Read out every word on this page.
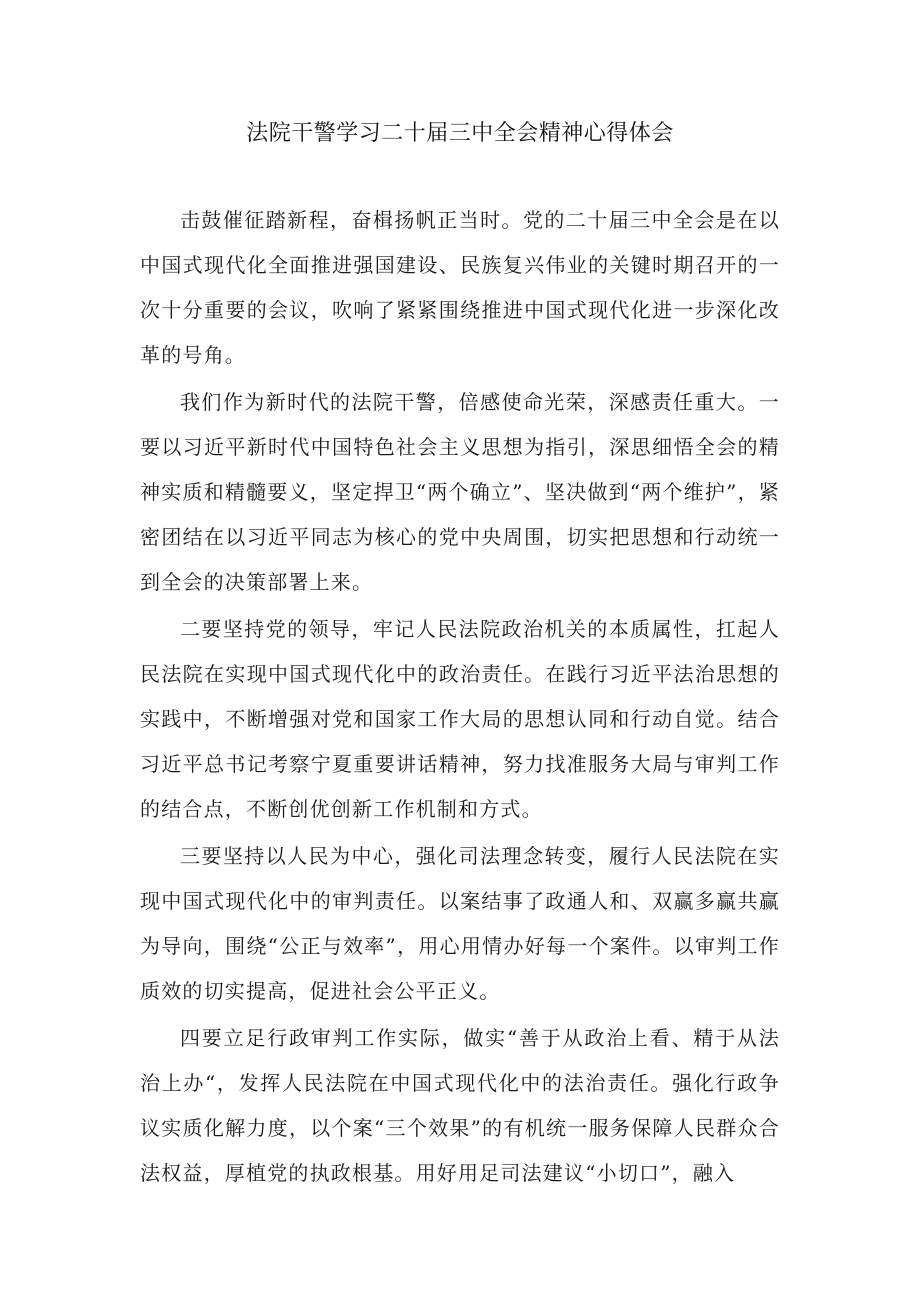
法院干警学习二十届三中全会精神心得体会

击鼓催征踏新程，奋楫扬帆正当时。党的二十届三中全会是在以中国式现代化全面推进强国建设、民族复兴伟业的关键时期召开的一次十分重要的会议，吹响了紧紧围绕推进中国式现代化进一步深化改革的号角。

我们作为新时代的法院干警，倍感使命光荣，深感责任重大。一要以习近平新时代中国特色社会主义思想为指引，深思细悟全会的精神实质和精髓要义，坚定捍卫“两个确立”、坚决做到“两个维护”，紧密团结在以习近平同志为核心的党中央周围，切实把思想和行动统一到全会的决策部署上来。

二要坚持党的领导，牢记人民法院政治机关的本质属性，扛起人民法院在实现中国式现代化中的政治责任。在践行习近平法治思想的实践中，不断增强对党和国家工作大局的思想认同和行动自觉。结合习近平总书记考察宁夏重要讲话精神，努力找准服务大局与审判工作的结合点，不断创优创新工作机制和方式。

三要坚持以人民为中心，强化司法理念转变，履行人民法院在实现中国式现代化中的审判责任。以案结事了政通人和、双赢多赢共赢为导向，围绕“公正与效率”，用心用情办好每一个案件。以审判工作质效的切实提高，促进社会公平正义。

四要立足行政审判工作实际，做实“善于从政治上看、精于从法治上办“，发挥人民法院在中国式现代化中的法治责任。强化行政争议实质化解力度，以个案“三个效果”的有机统一服务保障人民群众合法权益，厚植党的执政根基。用好用足司法建议“小切口”，融入
